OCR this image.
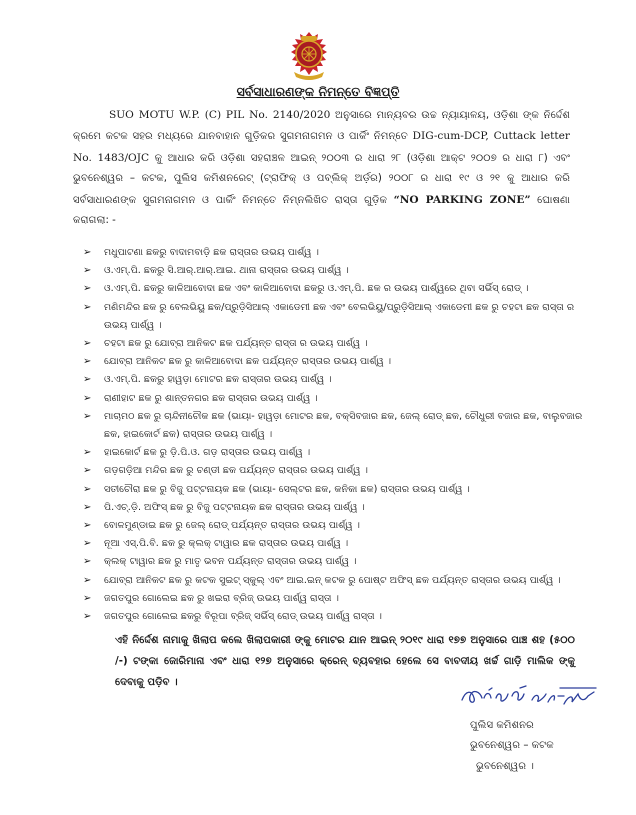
ସର୍ବସାଧାରଣଙ୍କ ନିମନ୍ତେ ବିଜ୍ଞପ୍ତି
SUO MOTU W.P. (C) PIL No. 2140/2020 ଅନୁସାରେ ମାନ୍ୟବର ଉଚ୍ଚ ନ୍ୟାୟାଳୟ, ଓଡ଼ିଶା ଙ୍କ ନିର୍ଦ୍ଦେଶ କ୍ରମେ କଟକ ସହର ମଧ୍ୟରେ ଯାନବାହାନ ଗୁଡ଼ିକର ସୁଗମନାଗମନ ଓ ପାର୍କିଂ ନିମନ୍ତେ DIG-cum-DCP, Cuttack letter No. 1483/OJC କୁ ଆଧାର କରି ଓଡ଼ିଶା ସହରାଞ୍ଚଳ ଆଇନ୍ ୨୦୦୩ ର ଧାରା ୨୮ (ଓଡ଼ିଶା ଆକ୍ଟ ୨୦୦୭ ର ଧାରା ୮) ଏବଂ ଭୁବନେଶ୍ୱର – କଟକ, ପୁଲିସ କମିଶନରେଟ୍ (ଟ୍ରାଫିକ୍ ଓ ପବ୍ଲିକ୍ ଅର୍ଡ଼ର) ୨୦୦୮ ର ଧାରା ୧୯ ଓ ୨୧ କୁ ଆଧାର କରି ସର୍ବସାଧାରଣଙ୍କ ସୁଗମନାଗମନ ଓ ପାର୍କିଂ ନିମନ୍ତେ ନିମ୍ନଲିଖିତ ରାସ୍ତା ଗୁଡ଼ିକ “NO PARKING ZONE” ଘୋଷଣା କରାଗଲା: -
➢ ମଧୁପାଟଣା ଛକରୁ ବାଦାମବାଡ଼ି ଛକ ରାସ୍ତାର ଉଭୟ ପାର୍ଶ୍ୱ ।
➢ ଓ.ଏମ୍.ପି. ଛକରୁ ସି.ଆର୍.ଆର୍.ଆଇ. ଥାନା ରାସ୍ତାର ଉଭୟ ପାର୍ଶ୍ୱ ।
➢ ଓ.ଏମ୍.ପି. ଛକରୁ କାଳିଆବୋଦା ଛକ ଏବଂ କାଳିଆବୋଦା ଛକରୁ ଓ.ଏମ୍.ପି. ଛକ ର ଉଭୟ ପାର୍ଶ୍ୱରେ ଥିବା ସର୍ଭିସ୍ ରୋଡ୍ ।
➢ ମଣିମନ୍ଦିର ଛକ ରୁ ବେଲଭିୟୁ ଛକ/ପ୍ରୁଡ଼ିସିଆଲ୍ ଏକାଡେମୀ ଛକ ଏବଂ ବେଲଭିୟୁ/ପ୍ରୁଡ଼ିସିଆଲ୍ ଏକାଡେମୀ ଛକ ରୁ ଚହଟା ଛକ ରାସ୍ତା ର ଉଭୟ ପାର୍ଶ୍ୱ ।
➢ ଚହଟା ଛକ ରୁ ଯୋବ୍ରା ଆନିକଟ ଛକ ପର୍ଯ୍ୟନ୍ତ ରାସ୍ତା ର ଉଭୟ ପାର୍ଶ୍ୱ ।
➢ ଯୋବ୍ରା ଆନିକଟ ଛକ ରୁ କାଳିଆବୋଦା ଛକ ପର୍ଯ୍ୟନ୍ତ ରାସ୍ତାର ଉଭୟ ପାର୍ଶ୍ୱ ।
➢ ଓ.ଏମ୍.ପି. ଛକରୁ ହାୱଡ଼ା ମୋଟର ଛକ ରାସ୍ତାର ଉଭୟ ପାର୍ଶ୍ୱ ।
➢ ରାଣୀହାଟ ଛକ ରୁ ଶାନ୍ତନଗର ଛକ ରାସ୍ତାର ଉଭୟ ପାର୍ଶ୍ୱ ।
➢ ମାଚାମଠ ଛକ ରୁ ଚାନ୍ଦିନୀଚୌକ ଛକ (ଭାୟା- ହାୱଡ଼ା ମୋଟର ଛକ, ବକ୍ସିବଜାର ଛକ, ଜେଲ୍ ରୋଡ୍ ଛକ, ଚୌଧୁରୀ ବଜାର ଛକ, ବାଲୁବଜାର ଛକ, ହାଇକୋର୍ଟ ଛକ) ରାସ୍ତାର ଉଭୟ ପାର୍ଶ୍ୱ ।
➢ ହାଇକୋର୍ଟ ଛକ ରୁ ଡ଼ି.ପି.ଓ. ଗଡ଼ ରାସ୍ତାର ଉଭୟ ପାର୍ଶ୍ୱ ।
➢ ଗଡ଼ଗଡ଼ିଆ ମନ୍ଦିର ଛକ ରୁ ଚଣ୍ଡୀ ଛକ ପର୍ଯ୍ୟନ୍ତ ରାସ୍ତାର ଉଭୟ ପାର୍ଶ୍ୱ ।
➢ ସତୀଚୌରା ଛକ ରୁ ବିଜୁ ପଟ୍ଟନାୟକ ଛକ (ଭାୟା- ସେଲ୍ଟର ଛକ, କନିକା ଛକ) ରାସ୍ତାର ଉଭୟ ପାର୍ଶ୍ୱ ।
➢ ପି.ଏଚ୍.ଡ଼ି. ଅଫିସ୍ ଛକ ରୁ ବିଜୁ ପଟ୍ଟନାୟକ ଛକ ରାସ୍ତାର ଉଭୟ ପାର୍ଶ୍ୱ ।
➢ ବୋଳମୁଣ୍ଡାଇ ଛକ ରୁ ଜେଲ୍ ରୋଡ୍ ପର୍ଯ୍ୟନ୍ତ ରାସ୍ତାର ଉଭୟ ପାର୍ଶ୍ୱ ।
➢ ନୂଆ ଏସ୍.ପି.ବି. ଛକ ରୁ କ୍ଲକ୍ ଟାୱାର ଛକ ରାସ୍ତାର ଉଭୟ ପାର୍ଶ୍ୱ ।
➢ କ୍ଲକ୍ ଟାୱାର ଛକ ରୁ ମାତୃ ଭବନ ପର୍ଯ୍ୟନ୍ତ ରାସ୍ତାର ଉଭୟ ପାର୍ଶ୍ୱ ।
➢ ଯୋବ୍ରା ଆନିକଟ ଛକ ରୁ କଟକ ସୁଇଟ୍ ସ୍କୁଲ୍ ଏବଂ ଆଇ.ଇନ୍ କଟକ ରୁ ପୋଷ୍ଟ ଅଫିସ୍ ଛକ ପର୍ଯ୍ୟନ୍ତ ରାସ୍ତାର ଉଭୟ ପାର୍ଶ୍ୱ ।
➢ ଜଗତପୁର ଗୋଲେଇ ଛକ ରୁ ଖଇରା ବ୍ରିଜ୍ ଉଭୟ ପାର୍ଶ୍ୱ ରାସ୍ତା ।
➢ ଜଗତପୁର ଗୋଲେଇ ଛକରୁ ବିରୂପା ବ୍ରିଜ୍ ସର୍ଭିସ୍ ରୋଡ୍ ଉଭୟ ପାର୍ଶ୍ୱ ରାସ୍ତା ।
ଏହି ନିର୍ଦ୍ଦେଶ ନାମାକୁ ଖିଲାପ କଲେ ଖିଲାପକାରୀ ଙ୍କୁ ମୋଟର ଯାନ ଆଇନ୍ ୨୦୧୯ ଧାରା ୧୭୭ ଅନୁସାରେ ପାଞ୍ଚ ଶହ (୫୦୦ /-) ଟଙ୍କା ଜୋରିମାନା ଏବଂ ଧାରା ୧୨୭ ଅନୁସାରେ କ୍ରେନ୍ ବ୍ୟବହାର ହେଲେ ସେ ବାବଦୀୟ ଖର୍ଚ୍ଚ ଗାଡ଼ି ମାଲିକ ଙ୍କୁ ଦେବାକୁ ପଡ଼ିବ ।
ପୁଲିସ କମିଶନର
ଭୁବନେଶ୍ୱର – କଟକ
ଭୁବନେଶ୍ୱର ।
